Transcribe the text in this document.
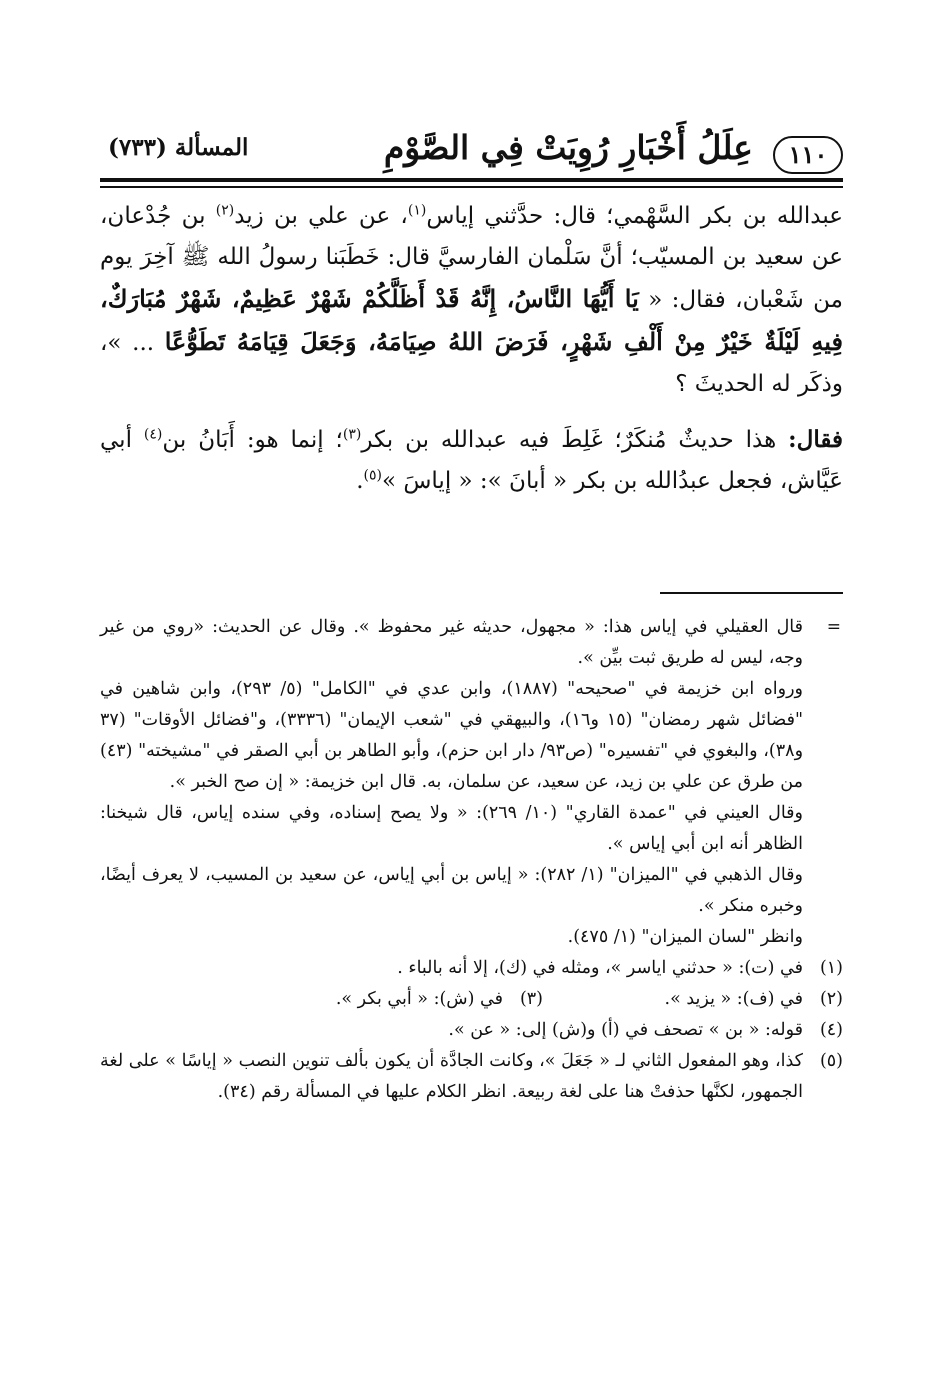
١١٠
عِلَلُ أَخْبَارِ رُوِيَتْ فِي الصَّوْمِ
المسألة (٧٣٣)

عبدالله بن بكر السَّهْمي؛ قال: حدَّثني إياس$^{(١)}$، عن علي بن زيد$^{(٢)}$ بن جُدْعان، عن سعيد بن المسيّب؛ أنَّ سَلْمان الفارسيَّ قال: خَطَبَنا رسولُ الله ﷺ آخِرَ يوم من شَعْبان، فقال: « يَا أَيُّهَا النَّاسُ، إِنَّهُ قَدْ أَظَلَّكُمْ شَهْرٌ عَظِيمٌ، شَهْرٌ مُبَارَكٌ، فِيهِ لَيْلَةٌ خَيْرٌ مِنْ أَلْفِ شَهْرٍ، فَرَضَ اللهُ صِيَامَهُ، وَجَعَلَ قِيَامَهُ تَطَوُّعًا ... »، وذكَر له الحديثَ ؟

فقال: هذا حديثٌ مُنكَرٌ؛ غَلِطَ فيه عبدالله بن بكر$^{(٣)}$؛ إنما هو: أَبَانُ بن$^{(٤)}$ أبي عَيَّاش، فجعل عبدُالله بن بكر « أبانَ »: « إياسَ »$^{(٥)}$.

=

قال العقيلي في إياس هذا: « مجهول، حديثه غير محفوظ ». وقال عن الحديث: «روي من غير وجه، ليس له طريق ثبت بيِّن ».

ورواه ابن خزيمة في "صحيحه" (١٨٨٧)، وابن عدي في "الكامل" (٥/ ٢٩٣)، وابن شاهين في "فضائل شهر رمضان" (١٥ و١٦)، والبيهقي في "شعب الإيمان" (٣٣٣٦)، و"فضائل الأوقات" (٣٧ و٣٨)، والبغوي في "تفسيره" (ص٩٣/ دار ابن حزم)، وأبو الطاهر بن أبي الصقر في "مشيخته" (٤٣) من طرق عن علي بن زيد، عن سعيد، عن سلمان، به. قال ابن خزيمة: « إن صح الخبر ».

وقال العيني في "عمدة القاري" (١٠/ ٢٦٩): « ولا يصح إسناده، وفي سنده إياس، قال شيخنا: الظاهر أنه ابن أبي إياس ».

وقال الذهبي في "الميزان" (١/ ٢٨٢): « إياس بن أبي إياس، عن سعيد بن المسيب، لا يعرف أيضًا، وخبره منكر ».

وانظر "لسان الميزان" (١/ ٤٧٥).

(١)

في (ت): « حدثني اياسر »، ومثله في (ك)، إلا أنه بالباء .

(٢)
في (ف): « يزيد ».
(٣)
في (ش): « أبي بكر ».
(٤)

قوله: « بن » تصحف في (أ) و(ش) إلى: « عن ».

(٥)

كذا، وهو المفعول الثاني لـ « جَعَلَ »، وكانت الجادَّة أن يكون بألف تنوين النصب « إياسًا » على لغة الجمهور، لكنَّها حذفتْ هنا على لغة ربيعة. انظر الكلام عليها في المسألة رقم (٣٤).
